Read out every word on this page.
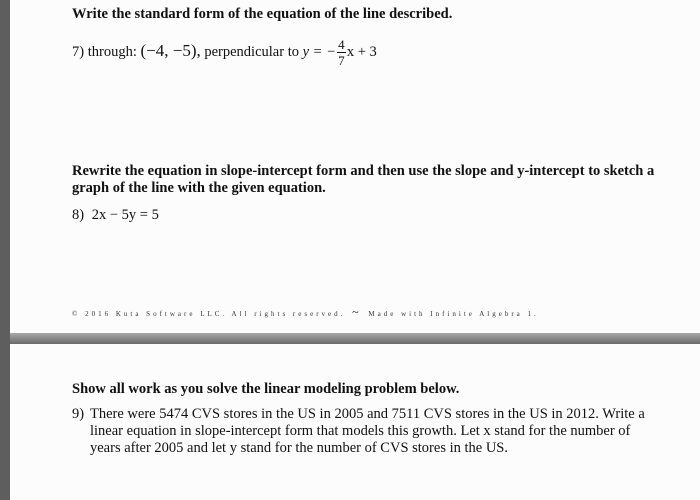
Write the standard form of the equation of the line described.
7) through: (−4, −5), perpendicular to y = − $\frac{4}{7}$ x + 3
Rewrite the equation in slope-intercept form and then use the slope and y-intercept to sketch a
graph of the line with the given equation.
8) 2x − 5y = 5
© 2016 Kuta Software LLC. All rights reserved. ~ Made with Infinite Algebra 1.
Show all work as you solve the linear modeling problem below.
9) There were 5474 CVS stores in the US in 2005 and 7511 CVS stores in the US in 2012. Write a
linear equation in slope-intercept form that models this growth. Let x stand for the number of
years after 2005 and let y stand for the number of CVS stores in the US.
